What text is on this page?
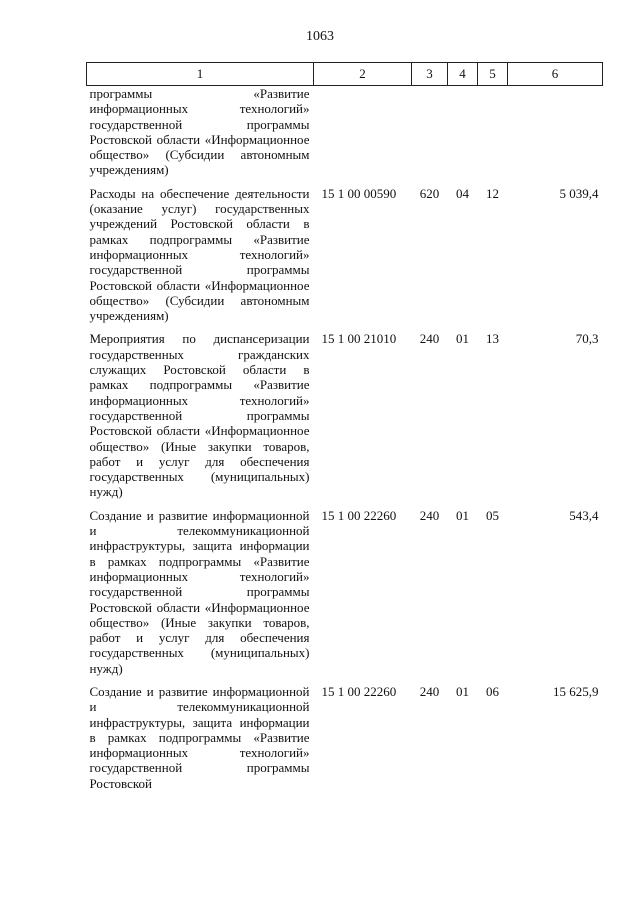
1063
1	2	3	4	5	6
программы «Развитие информационных технологий» государственной программы Ростовской области «Информационное общество» (Субсидии автономным учреждениям)					

Расходы на обеспечение деятельности (оказание услуг) государственных учреждений Ростовской области в рамках подпрограммы «Развитие информационных технологий» государственной программы Ростовской области «Информационное общество» (Субсидии автономным учреждениям)	15 1 00 00590	620	04	12	5 039,4

Мероприятия по диспансеризации государственных гражданских служащих Ростовской области в рамках подпрограммы «Развитие информационных технологий» государственной программы Ростовской области «Информационное общество» (Иные закупки товаров, работ и услуг для обеспечения государственных (муниципальных) нужд)	15 1 00 21010	240	01	13	70,3

Создание и развитие информационной и телекоммуникационной инфраструктуры, защита информации в рамках подпрограммы «Развитие информационных технологий» государственной программы Ростовской области «Информационное общество» (Иные закупки товаров, работ и услуг для обеспечения государственных (муниципальных) нужд)	15 1 00 22260	240	01	05	543,4

Создание и развитие информационной и телекоммуникационной инфраструктуры, защита информации в рамках подпрограммы «Развитие информационных технологий» государственной программы Ростовской	15 1 00 22260	240	01	06	15 625,9
